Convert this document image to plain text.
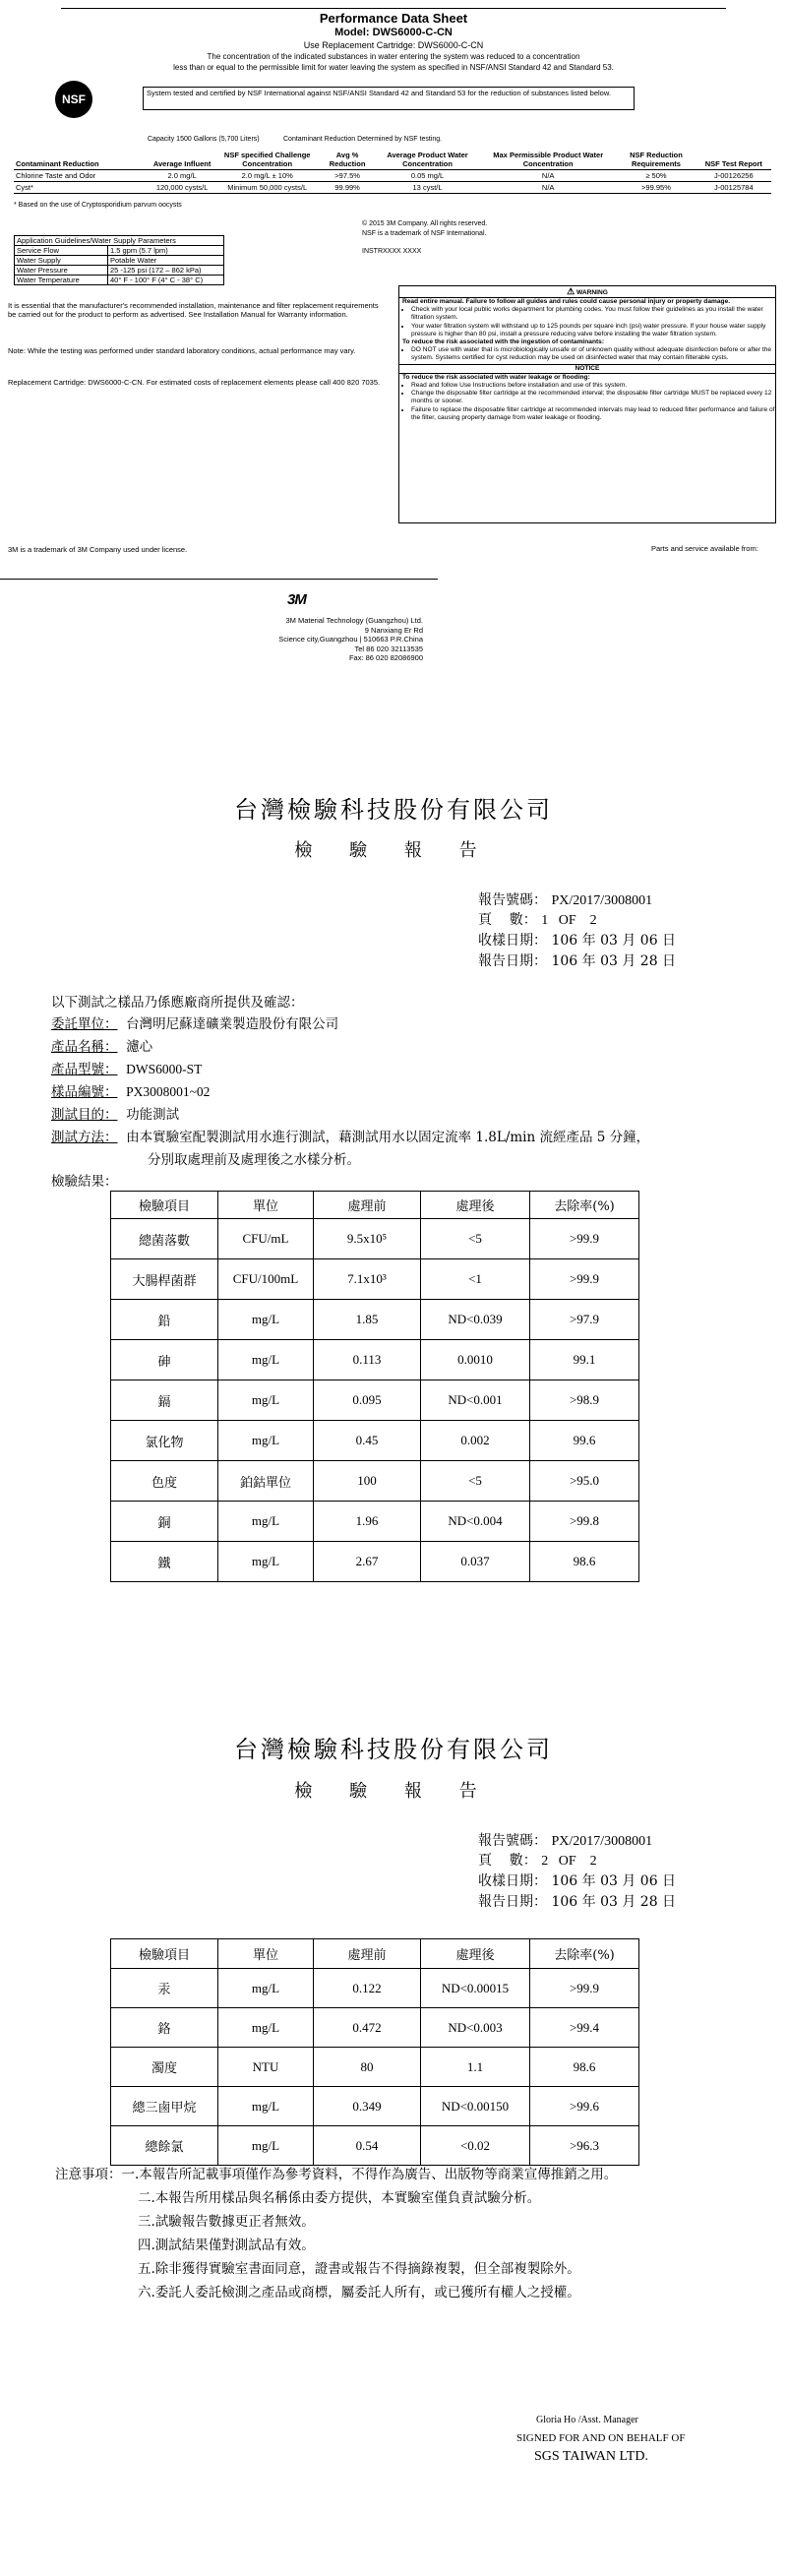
Performance Data Sheet
Model: DWS6000-C-CN
Use Replacement Cartridge: DWS6000-C-CN
The concentration of the indicated substances in water entering the system was reduced to a concentration
less than or equal to the permissible limit for water leaving the system as specified in NSF/ANSI Standard 42 and Standard 53.
NSF	System tested and certified by NSF International against NSF/ANSI Standard 42 and Standard 53 for the reduction of substances listed below.
Capacity 1500 Gallons (5,700 Liters)	Contaminant Reduction Determined by NSF testing.
Contaminant Reduction	Average Influent	NSF specified Challenge Concentration	Avg % Reduction	Average Product Water Concentration	Max Permissible Product Water Concentration	NSF Reduction Requirements	NSF Test Report
Chlorine Taste and Odor	2.0 mg/L	2.0 mg/L ± 10%	>97.5%	0.05 mg/L	N/A	≥ 50%	J-00126256
Cyst*	120,000 cysts/L	Minimum 50,000 cysts/L	99.99%	13 cyst/L	N/A	>99.95%	J-00125784
* Based on the use of Cryptosporidium parvum oocysts
© 2015 3M Company. All rights reserved.
NSF is a trademark of NSF International.
INSTRXXXX XXXX
Application Guidelines/Water Supply Parameters	
Service Flow	1.5 gpm (5.7 lpm)
Water Supply	Potable Water
Water Pressure	25 -125 psi (172 – 862 kPa)
Water Temperature	40° F - 100° F (4° C - 38° C)
It is essential that the manufacturer's recommended installation, maintenance and filter replacement requirements be carried out for the product to perform as advertised. See Installation Manual for Warranty information.
Note: While the testing was performed under standard laboratory conditions, actual performance may vary.
Replacement Cartridge: DWS6000-C-CN. For estimated costs of replacement elements please call 400 820 7035.
⚠ WARNING

Read entire manual. Failure to follow all guides and rules could cause personal injury or property damage.

• Check with your local public works department for plumbing codes. You must follow their guidelines as you install the water filtration system.
• Your water filtration system will withstand up to 125 pounds per square inch (psi) water pressure. If your house water supply pressure is higher than 80 psi, install a pressure reducing valve before installing the water filtration system.

To reduce the risk associated with the ingestion of contaminants:

• DO NOT use with water that is microbiologically unsafe or of unknown quality without adequate disinfection before or after the system. Systems certified for cyst reduction may be used on disinfected water that may contain filterable cysts.
NOTICE

To reduce the risk associated with water leakage or flooding:

• Read and follow Use Instructions before installation and use of this system.
• Change the disposable filter cartridge at the recommended interval; the disposable filter cartridge MUST be replaced every 12 months or sooner.
• Failure to replace the disposable filter cartridge at recommended intervals may lead to reduced filter performance and failure of the filter, causing property damage from water leakage or flooding.
3M is a trademark of 3M Company used under license.	Parts and service available from:
3M
3M Material Technology (Guangzhou) Ltd.
9 Nanxiang Er Rd
Science city,Guangzhou | 510663 P.R.China
Tel 86 020 32113535
Fax: 86 020 82086900
台灣檢驗科技股份有限公司
檢 驗 報 告
報告號碼： PX/2017/3008001
頁    數： 1   OF    2
收樣日期： 106 年 03 月 06 日
報告日期： 106 年 03 月 28 日
以下測試之樣品乃係應廠商所提供及確認：
委託單位： 台灣明尼蘇達礦業製造股份有限公司
產品名稱： 濾心
產品型號： DWS6000-ST
樣品編號： PX3008001~02
測試目的： 功能測試
測試方法： 由本實驗室配製測試用水進行測試，藉測試用水以固定流率 1.8L/min 流經產品 5 分鐘，
分別取處理前及處理後之水樣分析。
檢驗結果：
檢驗項目	單位	處理前	處理後	去除率(%)
總菌落數	CFU/mL	9.5x10⁵	<5	>99.9
大腸桿菌群	CFU/100mL	7.1x10³	<1	>99.9
鉛	mg/L	1.85	ND<0.039	>97.9
砷	mg/L	0.113	0.0010	99.1
鎘	mg/L	0.095	ND<0.001	>98.9
氯化物	mg/L	0.45	0.002	99.6
色度	鉑鈷單位	100	<5	>95.0
銅	mg/L	1.96	ND<0.004	>99.8
鐵	mg/L	2.67	0.037	98.6
台灣檢驗科技股份有限公司
檢 驗 報 告
報告號碼： PX/2017/3008001
頁    數： 2   OF    2
收樣日期： 106 年 03 月 06 日
報告日期： 106 年 03 月 28 日
檢驗項目	單位	處理前	處理後	去除率(%)
汞	mg/L	0.122	ND<0.00015	>99.9
鉻	mg/L	0.472	ND<0.003	>99.4
濁度	NTU	80	1.1	98.6
總三鹵甲烷	mg/L	0.349	ND<0.00150	>99.6
總餘氯	mg/L	0.54	<0.02	>96.3
注意事項：一.本報告所記載事項僅作為參考資料，不得作為廣告、出版物等商業宣傳推銷之用。
二.本報告所用樣品與名稱係由委方提供，本實驗室僅負責試驗分析。
三.試驗報告數據更正者無效。
四.測試結果僅對測試品有效。
五.除非獲得實驗室書面同意，證書或報告不得摘錄複製，但全部複製除外。
六.委託人委託檢測之產品或商標，屬委託人所有，或已獲所有權人之授權。
Gloria Ho /Asst. Manager
SIGNED FOR AND ON BEHALF OF
SGS TAIWAN LTD.
